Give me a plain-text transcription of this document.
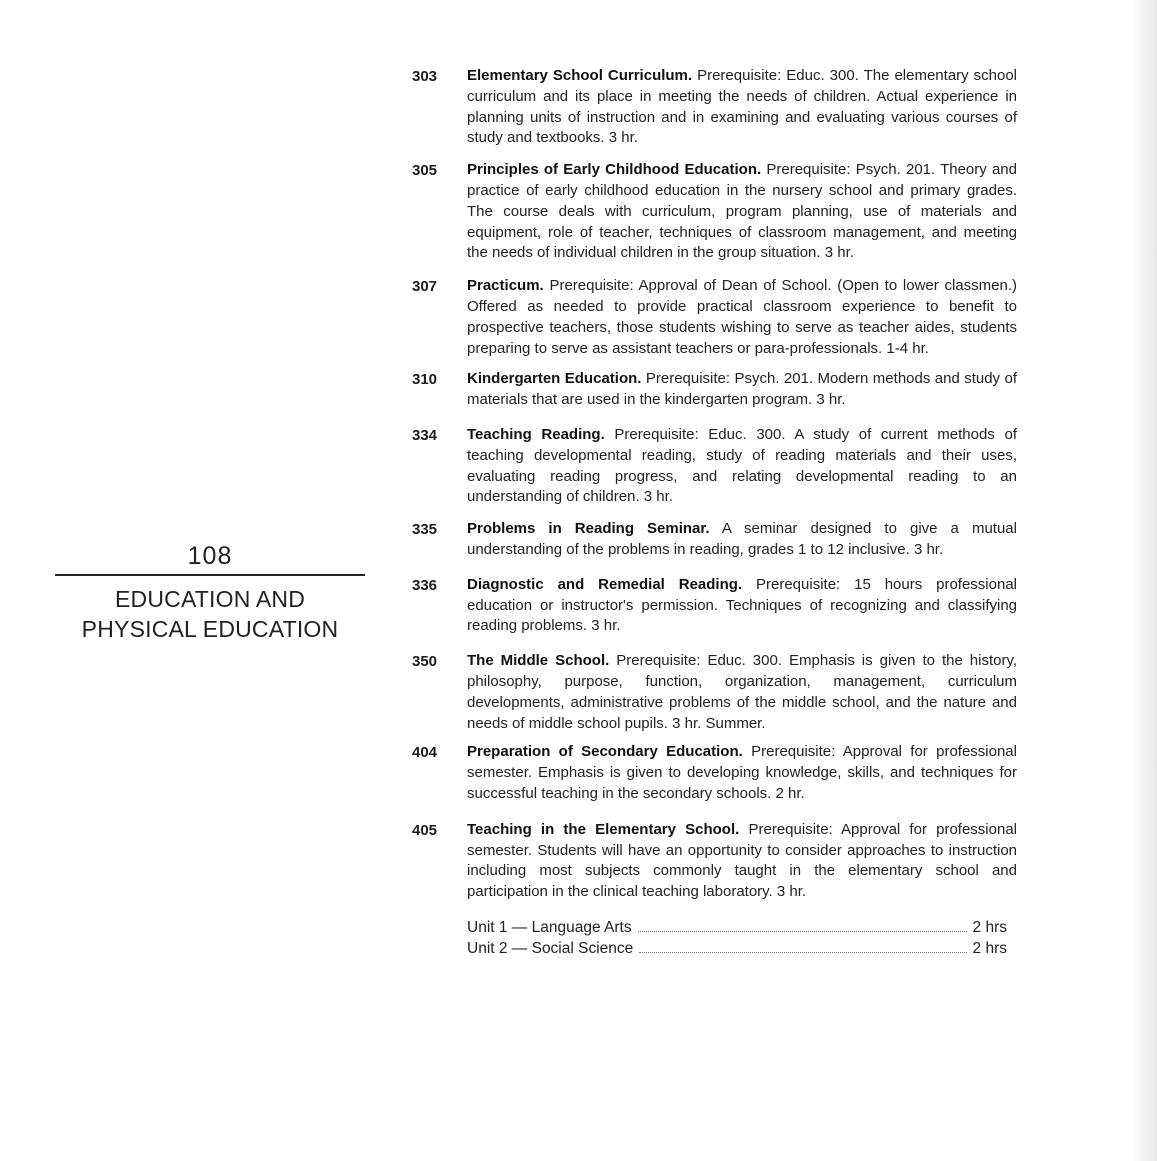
108
EDUCATION AND
PHYSICAL EDUCATION
303 Elementary School Curriculum. Prerequisite: Educ. 300. The elementary school curriculum and its place in meeting the needs of children. Actual experience in planning units of instruction and in examining and evaluating various courses of study and textbooks. 3 hr.
305 Principles of Early Childhood Education. Prerequisite: Psych. 201. Theory and practice of early childhood education in the nursery school and primary grades. The course deals with curriculum, program planning, use of materials and equipment, role of teacher, techniques of classroom management, and meeting the needs of individual children in the group situation. 3 hr.
307 Practicum. Prerequisite: Approval of Dean of School. (Open to lower classmen.) Offered as needed to provide practical classroom experience to benefit to prospective teachers, those students wishing to serve as teacher aides, students preparing to serve as assistant teachers or para-professionals. 1-4 hr.
310 Kindergarten Education. Prerequisite: Psych. 201. Modern methods and study of materials that are used in the kindergarten program. 3 hr.
334 Teaching Reading. Prerequisite: Educ. 300. A study of current methods of teaching developmental reading, study of reading materials and their uses, evaluating reading progress, and relating developmental reading to an understanding of children. 3 hr.
335 Problems in Reading Seminar. A seminar designed to give a mutual understanding of the problems in reading, grades 1 to 12 inclusive. 3 hr.
336 Diagnostic and Remedial Reading. Prerequisite: 15 hours professional education or instructor's permission. Techniques of recognizing and classifying reading problems. 3 hr.
350 The Middle School. Prerequisite: Educ. 300. Emphasis is given to the history, philosophy, purpose, function, organization, management, curriculum developments, administrative problems of the middle school, and the nature and needs of middle school pupils. 3 hr. Summer.
404 Preparation of Secondary Education. Prerequisite: Approval for professional semester. Emphasis is given to developing knowledge, skills, and techniques for successful teaching in the secondary schools. 2 hr.
405 Teaching in the Elementary School. Prerequisite: Approval for professional semester. Students will have an opportunity to consider approaches to instruction including most subjects commonly taught in the elementary school and participation in the clinical teaching laboratory. 3 hr.
Unit 1 — Language Arts	2 hrs
Unit 2 — Social Science	2 hrs
